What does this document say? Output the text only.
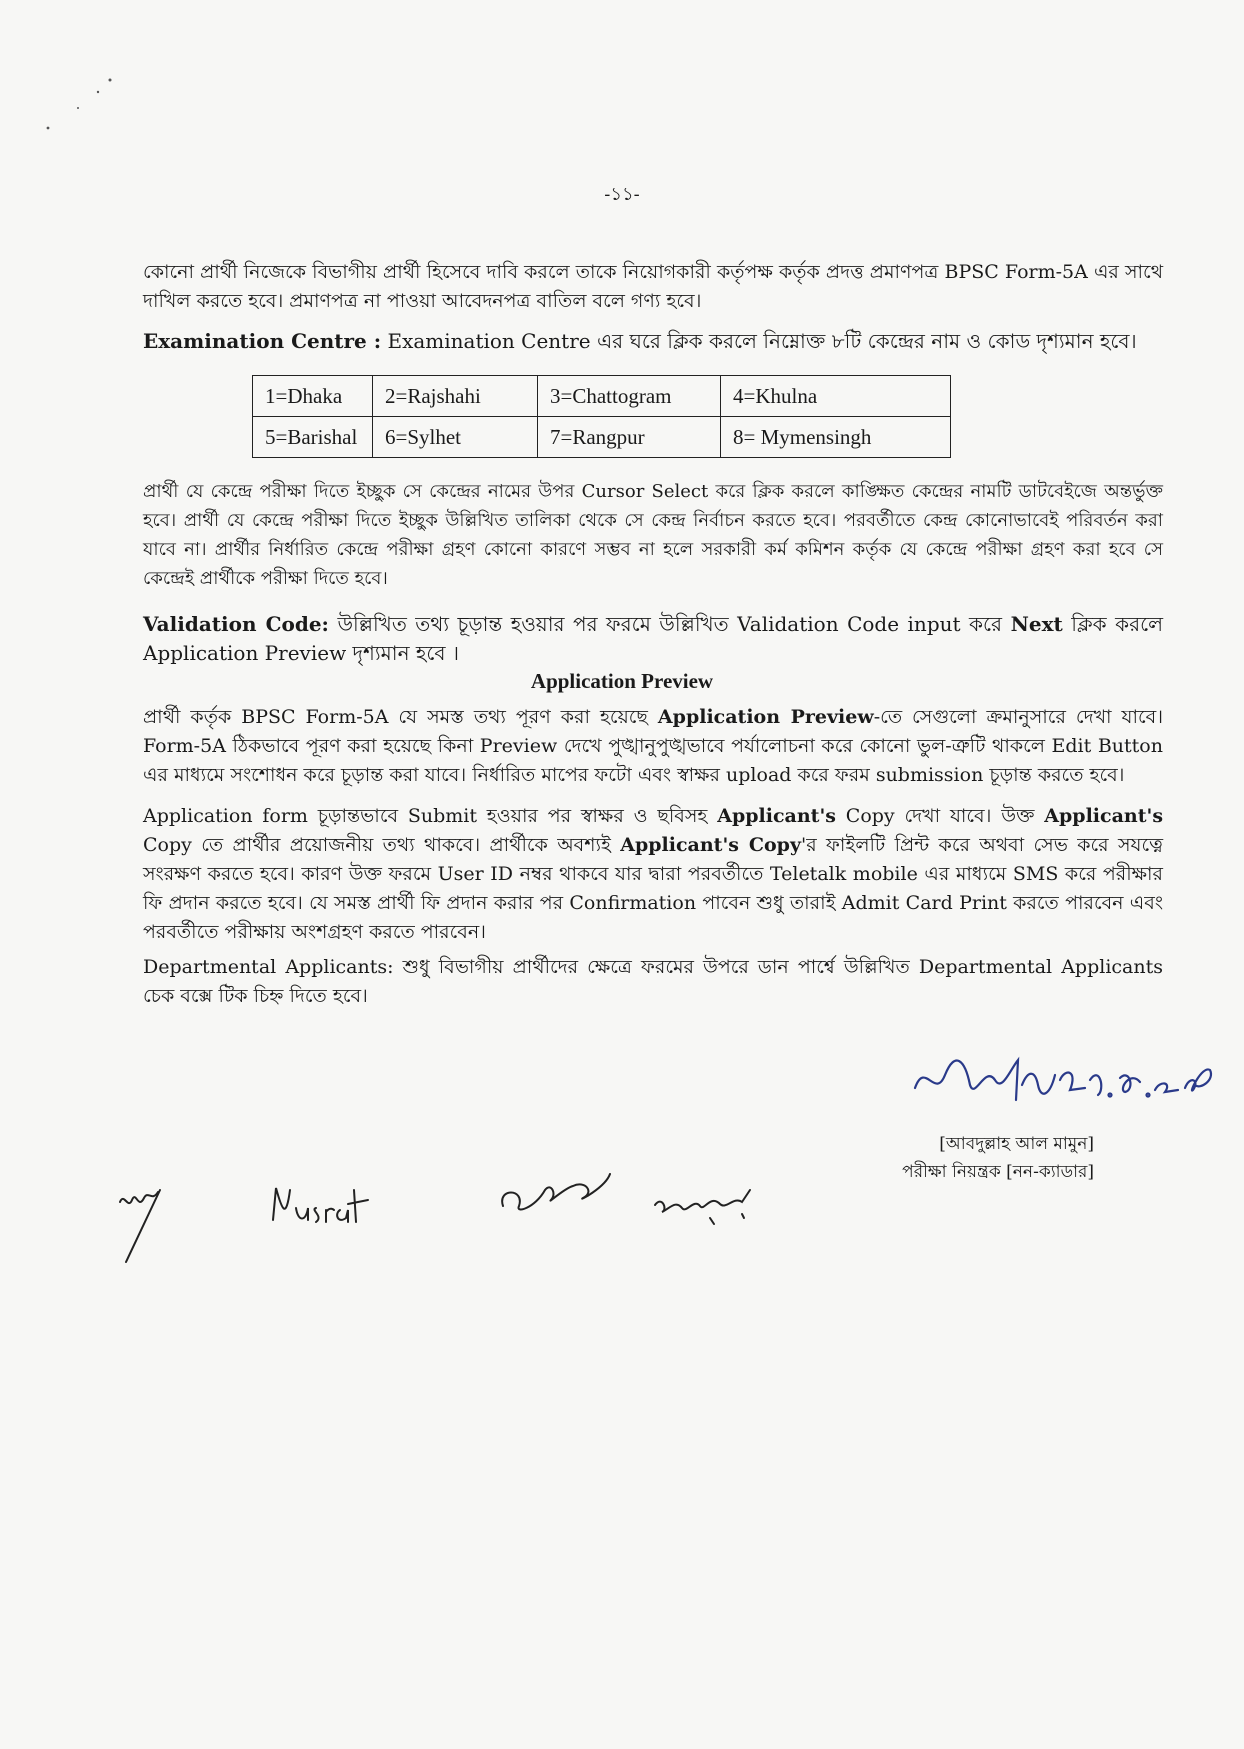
-১১-
কোনো প্রার্থী নিজেকে বিভাগীয় প্রার্থী হিসেবে দাবি করলে তাকে নিয়োগকারী কর্তৃপক্ষ কর্তৃক প্রদত্ত প্রমাণপত্র BPSC Form-5A এর সাথে দাখিল করতে হবে। প্রমাণপত্র না পাওয়া আবেদনপত্র বাতিল বলে গণ্য হবে।
Examination Centre : Examination Centre এর ঘরে ক্লিক করলে নিম্নোক্ত ৮টি কেন্দ্রের নাম ও কোড দৃশ্যমান হবে।
1=Dhaka	2=Rajshahi	3=Chattogram	4=Khulna
5=Barishal	6=Sylhet	7=Rangpur	8= Mymensingh
প্রার্থী যে কেন্দ্রে পরীক্ষা দিতে ইচ্ছুক সে কেন্দ্রের নামের উপর Cursor Select করে ক্লিক করলে কাঙ্ক্ষিত কেন্দ্রের নামটি ডাটবেইজে অন্তর্ভুক্ত হবে। প্রার্থী যে কেন্দ্রে পরীক্ষা দিতে ইচ্ছুক উল্লিখিত তালিকা থেকে সে কেন্দ্র নির্বাচন করতে হবে। পরবর্তীতে কেন্দ্র কোনোভাবেই পরিবর্তন করা যাবে না। প্রার্থীর নির্ধারিত কেন্দ্রে পরীক্ষা গ্রহণ কোনো কারণে সম্ভব না হলে সরকারী কর্ম কমিশন কর্তৃক যে কেন্দ্রে পরীক্ষা গ্রহণ করা হবে সে কেন্দ্রেই প্রার্থীকে পরীক্ষা দিতে হবে।
Validation Code: উল্লিখিত তথ্য চূড়ান্ত হওয়ার পর ফরমে উল্লিখিত Validation Code input করে Next ক্লিক করলে Application Preview দৃশ্যমান হবে ।
Application Preview
প্রার্থী কর্তৃক BPSC Form-5A যে সমস্ত তথ্য পূরণ করা হয়েছে Application Preview-তে সেগুলো ক্রমানুসারে দেখা যাবে। Form-5A ঠিকভাবে পূরণ করা হয়েছে কিনা Preview দেখে পুঙ্খানুপুঙ্খভাবে পর্যালোচনা করে কোনো ভুল-ত্রুটি থাকলে Edit Button এর মাধ্যমে সংশোধন করে চূড়ান্ত করা যাবে। নির্ধারিত মাপের ফটো এবং স্বাক্ষর upload করে ফরম submission চূড়ান্ত করতে হবে।
Application form চূড়ান্তভাবে Submit হওয়ার পর স্বাক্ষর ও ছবিসহ Applicant's Copy দেখা যাবে। উক্ত Applicant's Copy তে প্রার্থীর প্রয়োজনীয় তথ্য থাকবে। প্রার্থীকে অবশ্যই Applicant's Copy'র ফাইলটি প্রিন্ট করে অথবা সেভ করে সযত্নে সংরক্ষণ করতে হবে। কারণ উক্ত ফরমে User ID নম্বর থাকবে যার দ্বারা পরবর্তীতে Teletalk mobile এর মাধ্যমে SMS করে পরীক্ষার ফি প্রদান করতে হবে। যে সমস্ত প্রার্থী ফি প্রদান করার পর Confirmation পাবেন শুধু তারাই Admit Card Print করতে পারবেন এবং পরবর্তীতে পরীক্ষায় অংশগ্রহণ করতে পারবেন।
Departmental Applicants: শুধু বিভাগীয় প্রার্থীদের ক্ষেত্রে ফরমের উপরে ডান পার্শ্বে উল্লিখিত Departmental Applicants চেক বক্সে টিক চিহ্ন দিতে হবে।
[আবদুল্লাহ আল মামুন]
পরীক্ষা নিয়ন্ত্রক [নন-ক্যাডার]
